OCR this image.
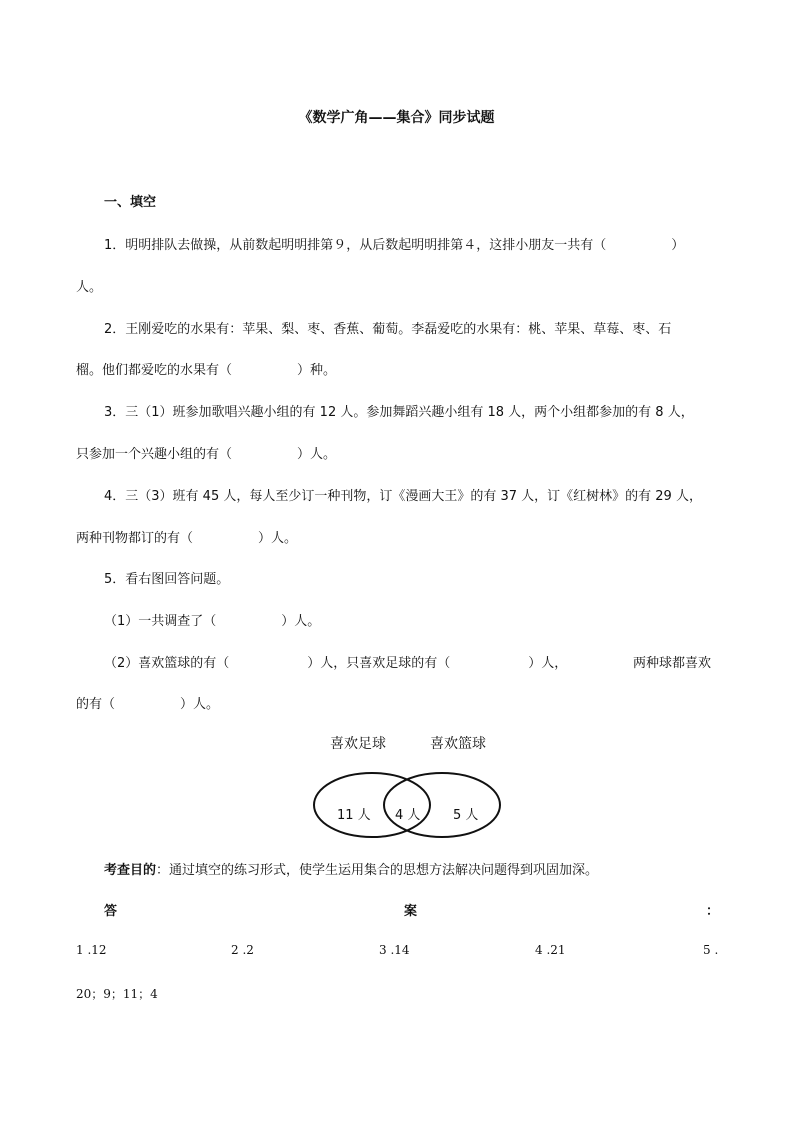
《数学广角——集合》同步试题
一、填空
1．明明排队去做操，从前数起明明排第９，从后数起明明排第４，这排小朋友一共有（　　　　　）
人。
2．王刚爱吃的水果有：苹果、梨、枣、香蕉、葡萄。李磊爱吃的水果有：桃、苹果、草莓、枣、石
榴。他们都爱吃的水果有（　　　　　）种。
3．三（1）班参加歌唱兴趣小组的有 12 人。参加舞蹈兴趣小组有 18 人，两个小组都参加的有 8 人，
只参加一个兴趣小组的有（　　　　　）人。
4．三（3）班有 45 人，每人至少订一种刊物，订《漫画大王》的有 37 人，订《红树林》的有 29 人，
两种刊物都订的有（　　　　　）人。
5．看右图回答问题。
（1）一共调查了（　　　　　）人。
（2）喜欢篮球的有（　　　　　　）人，只喜欢足球的有（　　　　　　）人，	两种球都喜欢
的有（　　　　　）人。
喜欢足球	喜欢篮球
11 人 4 人	5 人
考查目的：通过填空的练习形式，使学生运用集合的思想方法解决问题得到巩固加深。
答	案	：
1 .12	2 .2	3 .14	4 .21	5 .
20；9；11；4
